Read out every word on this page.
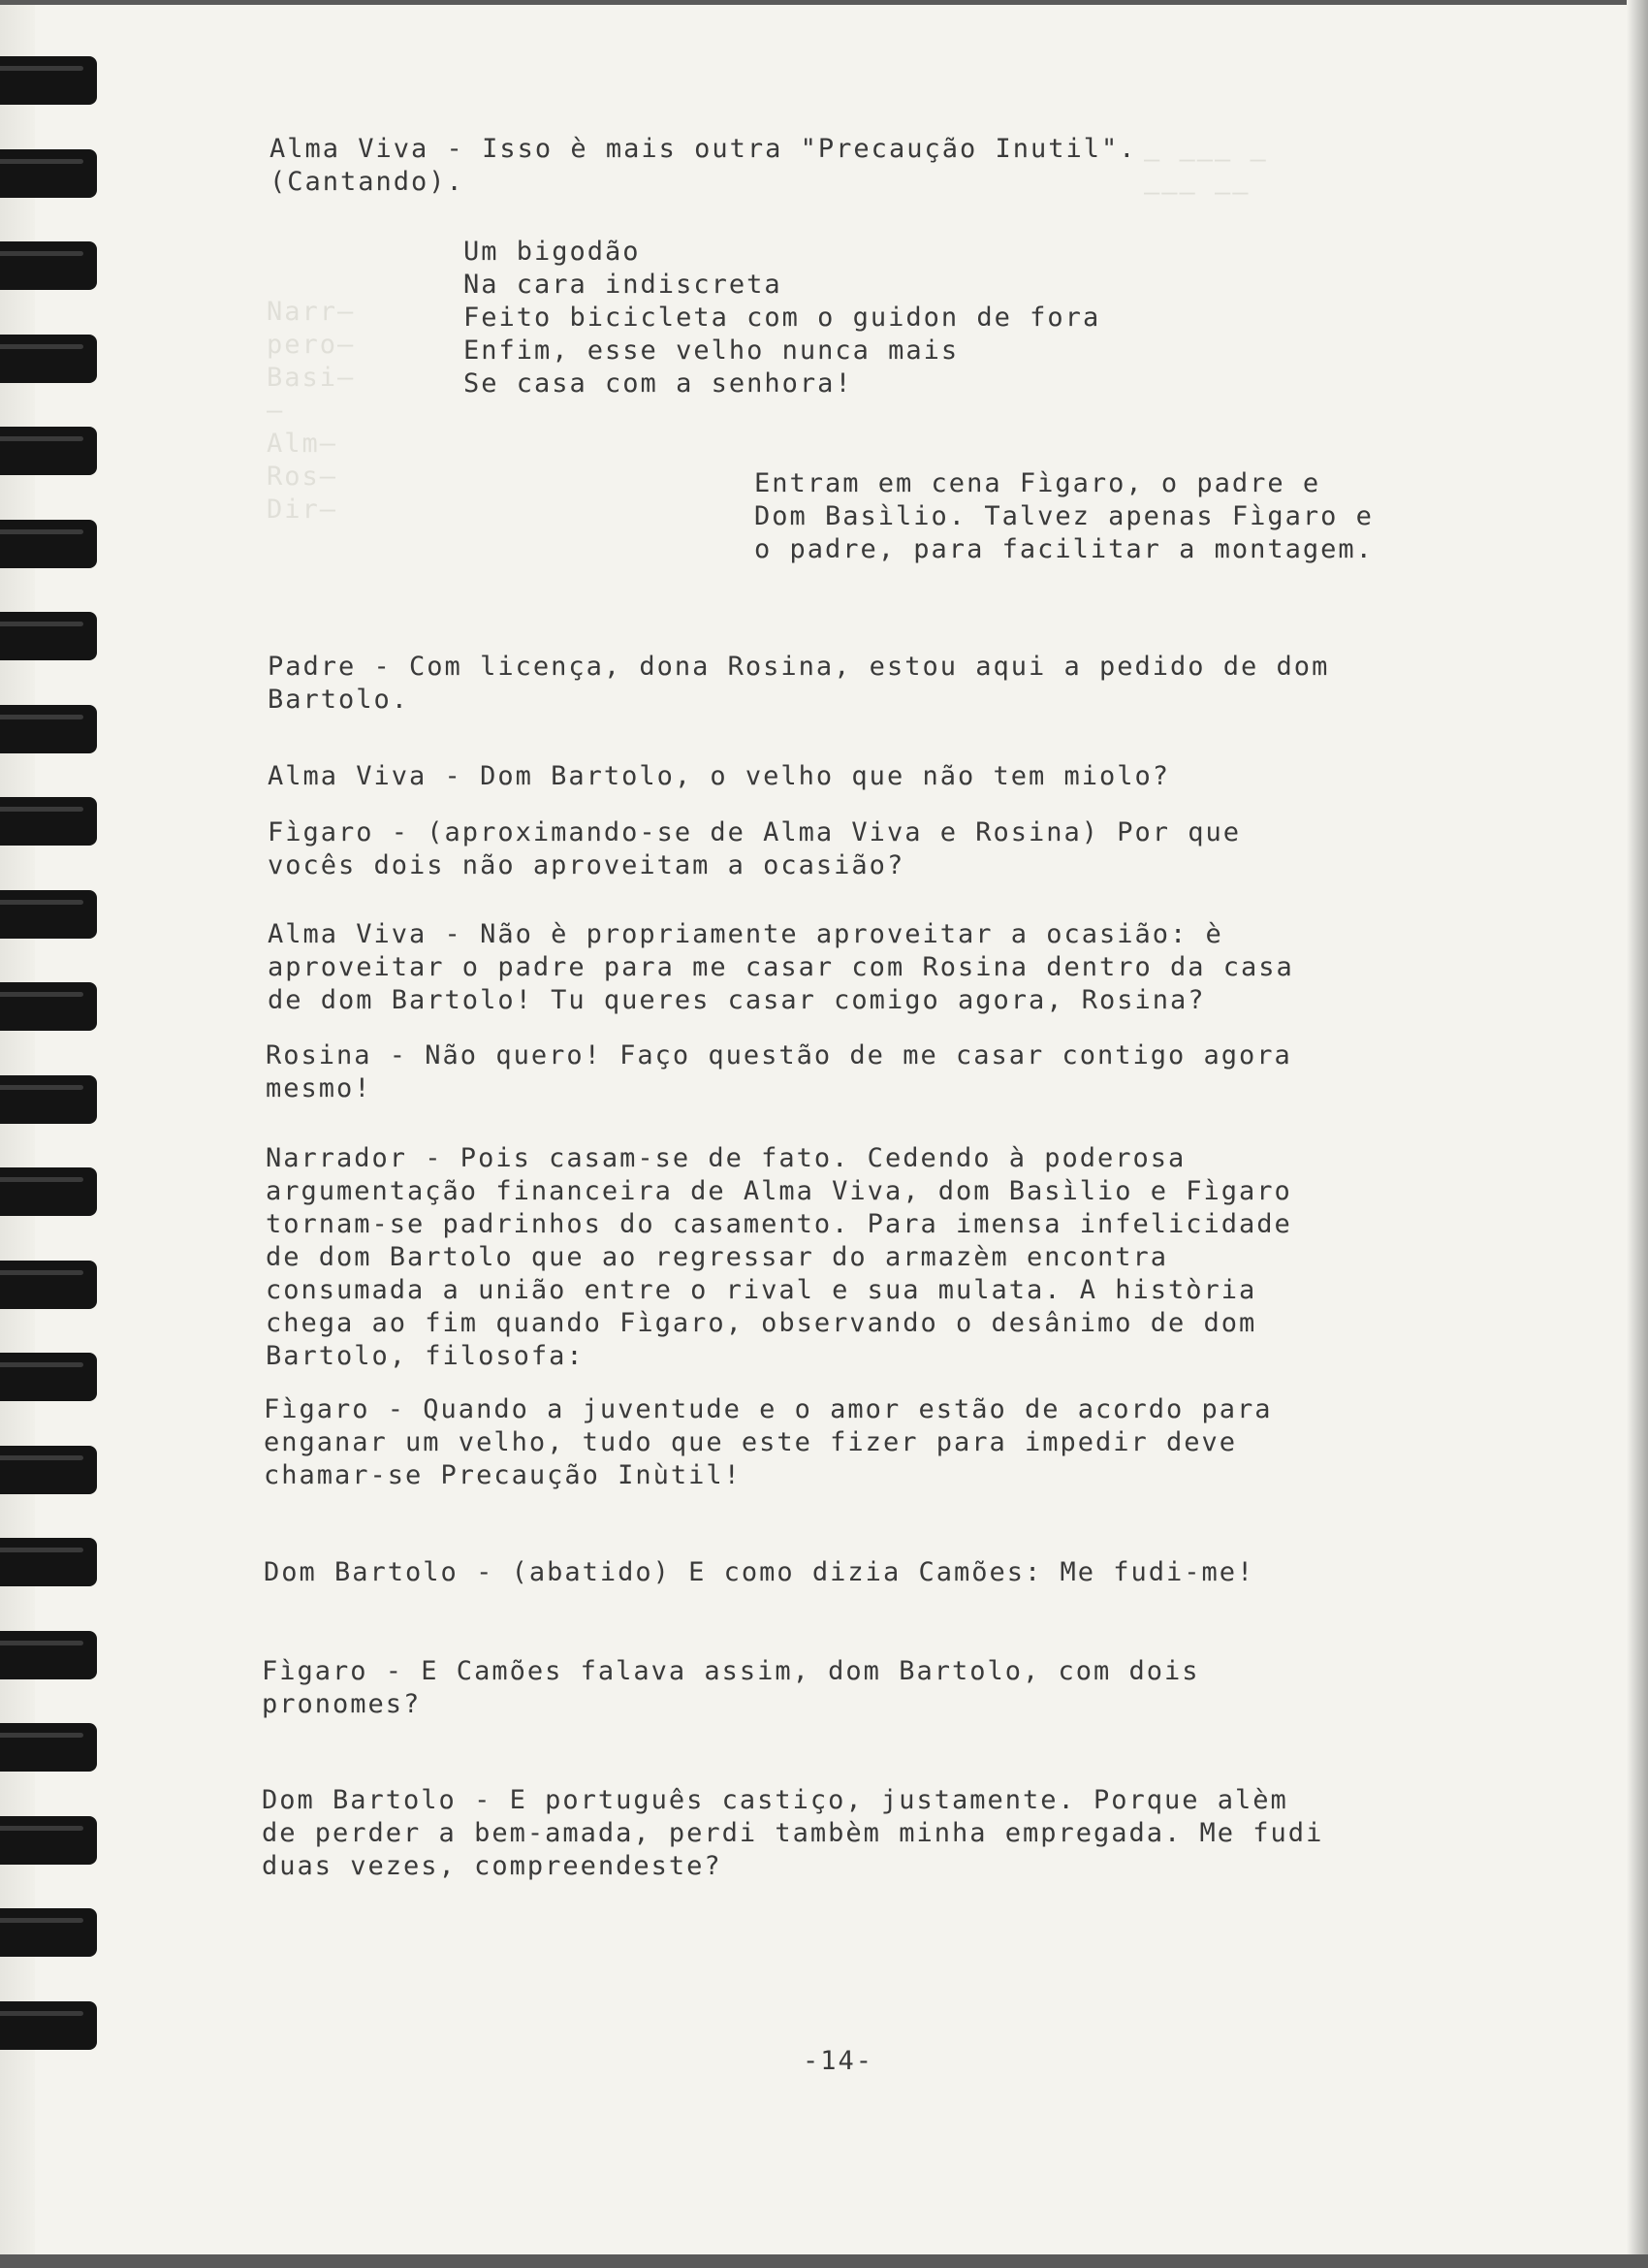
— ——— —
——— ——
Narr—
pero—
Basi—
—
Alm—
Ros—
Dir—

Alma Viva - Isso è mais outra "Precaução Inutil".
(Cantando).

Um bigodão
Na cara indiscreta
Feito bicicleta com o guidon de fora
Enfim, esse velho nunca mais
Se casa com a senhora!

Entram em cena Fìgaro, o padre e
Dom Basìlio. Talvez apenas Fìgaro e
o padre, para facilitar a montagem.

Padre - Com licença, dona Rosina, estou aqui a pedido de dom
Bartolo.

Alma Viva - Dom Bartolo, o velho que não tem miolo?

Fìgaro - (aproximando-se de Alma Viva e Rosina) Por que
vocês dois não aproveitam a ocasião?

Alma Viva - Não è propriamente aproveitar a ocasião: è
aproveitar o padre para me casar com Rosina dentro da casa
de dom Bartolo! Tu queres casar comigo agora, Rosina?

Rosina - Não quero! Faço questão de me casar contigo agora
mesmo!

Narrador - Pois casam-se de fato. Cedendo à poderosa
argumentação financeira de Alma Viva, dom Basìlio e Fìgaro
tornam-se padrinhos do casamento. Para imensa infelicidade
de dom Bartolo que ao regressar do armazèm encontra
consumada a união entre o rival e sua mulata. A història
chega ao fim quando Fìgaro, observando o desânimo de dom
Bartolo, filosofa:

Fìgaro - Quando a juventude e o amor estão de acordo para
enganar um velho, tudo que este fizer para impedir deve
chamar-se Precaução Inùtil!

Dom Bartolo - (abatido) E como dizia Camões: Me fudi-me!

Fìgaro - E Camões falava assim, dom Bartolo, com dois
pronomes?

Dom Bartolo - E português castiço, justamente. Porque alèm
de perder a bem-amada, perdi tambèm minha empregada. Me fudi
duas vezes, compreendeste?

-14-
